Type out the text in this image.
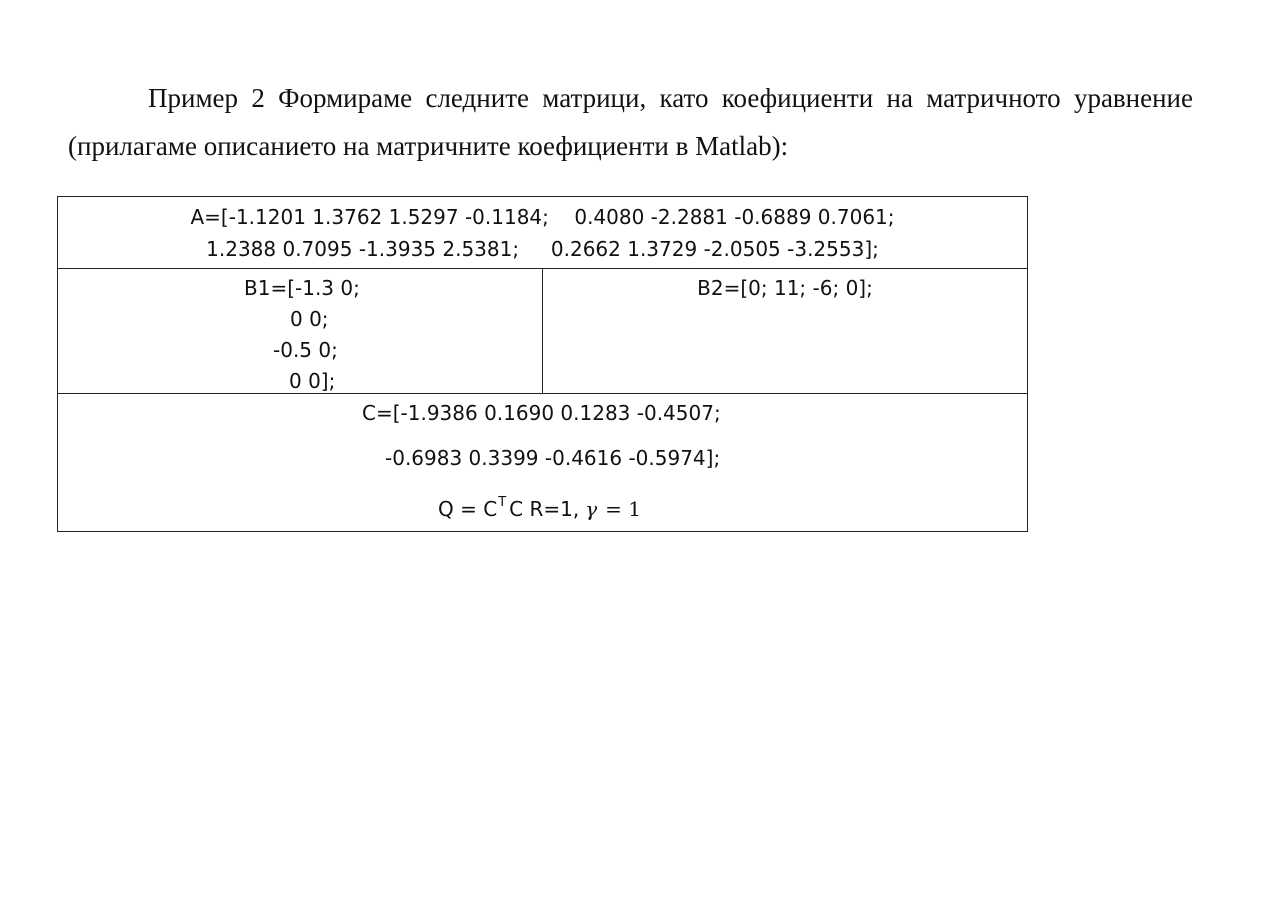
Пример 2 Формираме следните матрици, като коефициенти на матричното уравнение
(прилагаме описанието на матричните коефициенти в Matlab):
A=[-1.1201 1.3762 1.5297 -0.1184; 0.4080 -2.2881 -0.6889 0.7061;
1.2388 0.7095 -1.3935 2.5381; 0.2662 1.3729 -2.0505 -3.2553];

B1=[-1.3 0;
0 0;
-0.5 0;
0 0];

B2=[0; 11; -6; 0];

C=[-1.9386 0.1690 0.1283 -0.4507;
-0.6983 0.3399 -0.4616 -0.5974];
$Q = C^T$ C R=1, γ = 1
